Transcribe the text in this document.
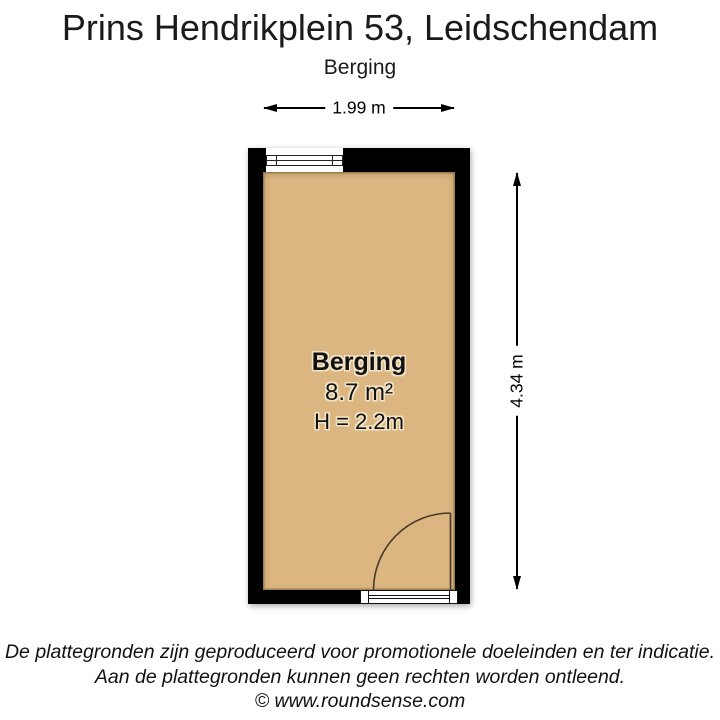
Prins Hendrikplein 53, Leidschendam
Berging
1.99 m
4.34 m
Berging
8.7 m²
H = 2.2m
De plattegronden zijn geproduceerd voor promotionele doeleinden en ter indicatie.
Aan de plattegronden kunnen geen rechten worden ontleend.
© www.roundsense.com
